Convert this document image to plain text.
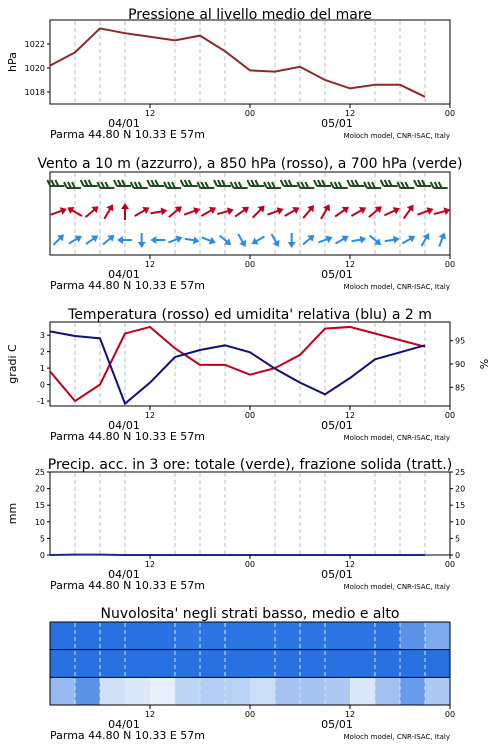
1018
1020
1022
Pressione al livello medio del mare
hPa
12	00	12	00
04/01	05/01
Parma 44.80 N 10.33 E 57m	Moloch model, CNR-ISAC, Italy
Vento a 10 m (azzurro), a 850 hPa (rosso), a 700 hPa (verde)
12	00	12	00
04/01	05/01
Parma 44.80 N 10.33 E 57m	Moloch model, CNR-ISAC, Italy
-1
0
1
2
3
85
90
95
Temperatura (rosso) ed umidita' relativa (blu) a 2 m
gradi C	%
12	00	12	00
04/01	05/01
Parma 44.80 N 10.33 E 57m	Moloch model, CNR-ISAC, Italy
0	0
5	5
10	10
15	15
20	20
25	25
Precip. acc. in 3 ore: totale (verde), frazione solida (tratt.)
mm
12	00	12	00
04/01	05/01
Parma 44.80 N 10.33 E 57m	Moloch model, CNR-ISAC, Italy
Nuvolosita' negli strati basso, medio e alto
12	00	12	00
04/01	05/01
Parma 44.80 N 10.33 E 57m	Moloch model, CNR-ISAC, Italy
